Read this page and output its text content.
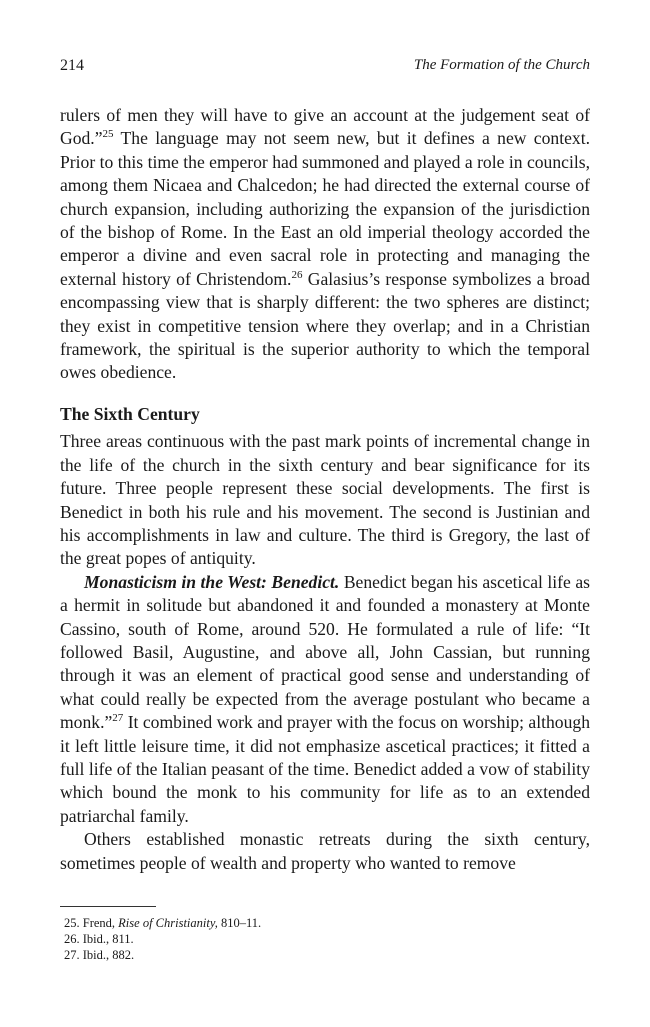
214	The Formation of the Church

rulers of men they will have to give an account at the judgement seat of God.”$^{25}$ The language may not seem new, but it defines a new context. Prior to this time the emperor had summoned and played a role in councils, among them Nicaea and Chalcedon; he had directed the external course of church expansion, including authorizing the expansion of the jurisdiction of the bishop of Rome. In the East an old imperial theology accorded the emperor a divine and even sacral role in protecting and managing the external history of Christendom.$^{26}$ Galasius’s response symbolizes a broad encompassing view that is sharply different: the two spheres are distinct; they exist in competitive tension where they overlap; and in a Christian framework, the spiritual is the superior authority to which the temporal owes obedience.

The Sixth Century

Three areas continuous with the past mark points of incremental change in the life of the church in the sixth century and bear significance for its future. Three people represent these social developments. The first is Benedict in both his rule and his movement. The second is Justinian and his accomplishments in law and culture. The third is Gregory, the last of the great popes of antiquity.

Monasticism in the West: Benedict. Benedict began his ascetical life as a hermit in solitude but abandoned it and founded a monastery at Monte Cassino, south of Rome, around 520. He formulated a rule of life: “It followed Basil, Augustine, and above all, John Cassian, but running through it was an element of practical good sense and understanding of what could really be expected from the average postulant who became a monk.”$^{27}$ It combined work and prayer with the focus on worship; although it left little leisure time, it did not emphasize ascetical practices; it fitted a full life of the Italian peasant of the time. Benedict added a vow of stability which bound the monk to his community for life as to an extended patriarchal family.

Others established monastic retreats during the sixth century, sometimes people of wealth and property who wanted to remove

25. Frend, Rise of Christianity, 810–11.
26. Ibid., 811.
27. Ibid., 882.
